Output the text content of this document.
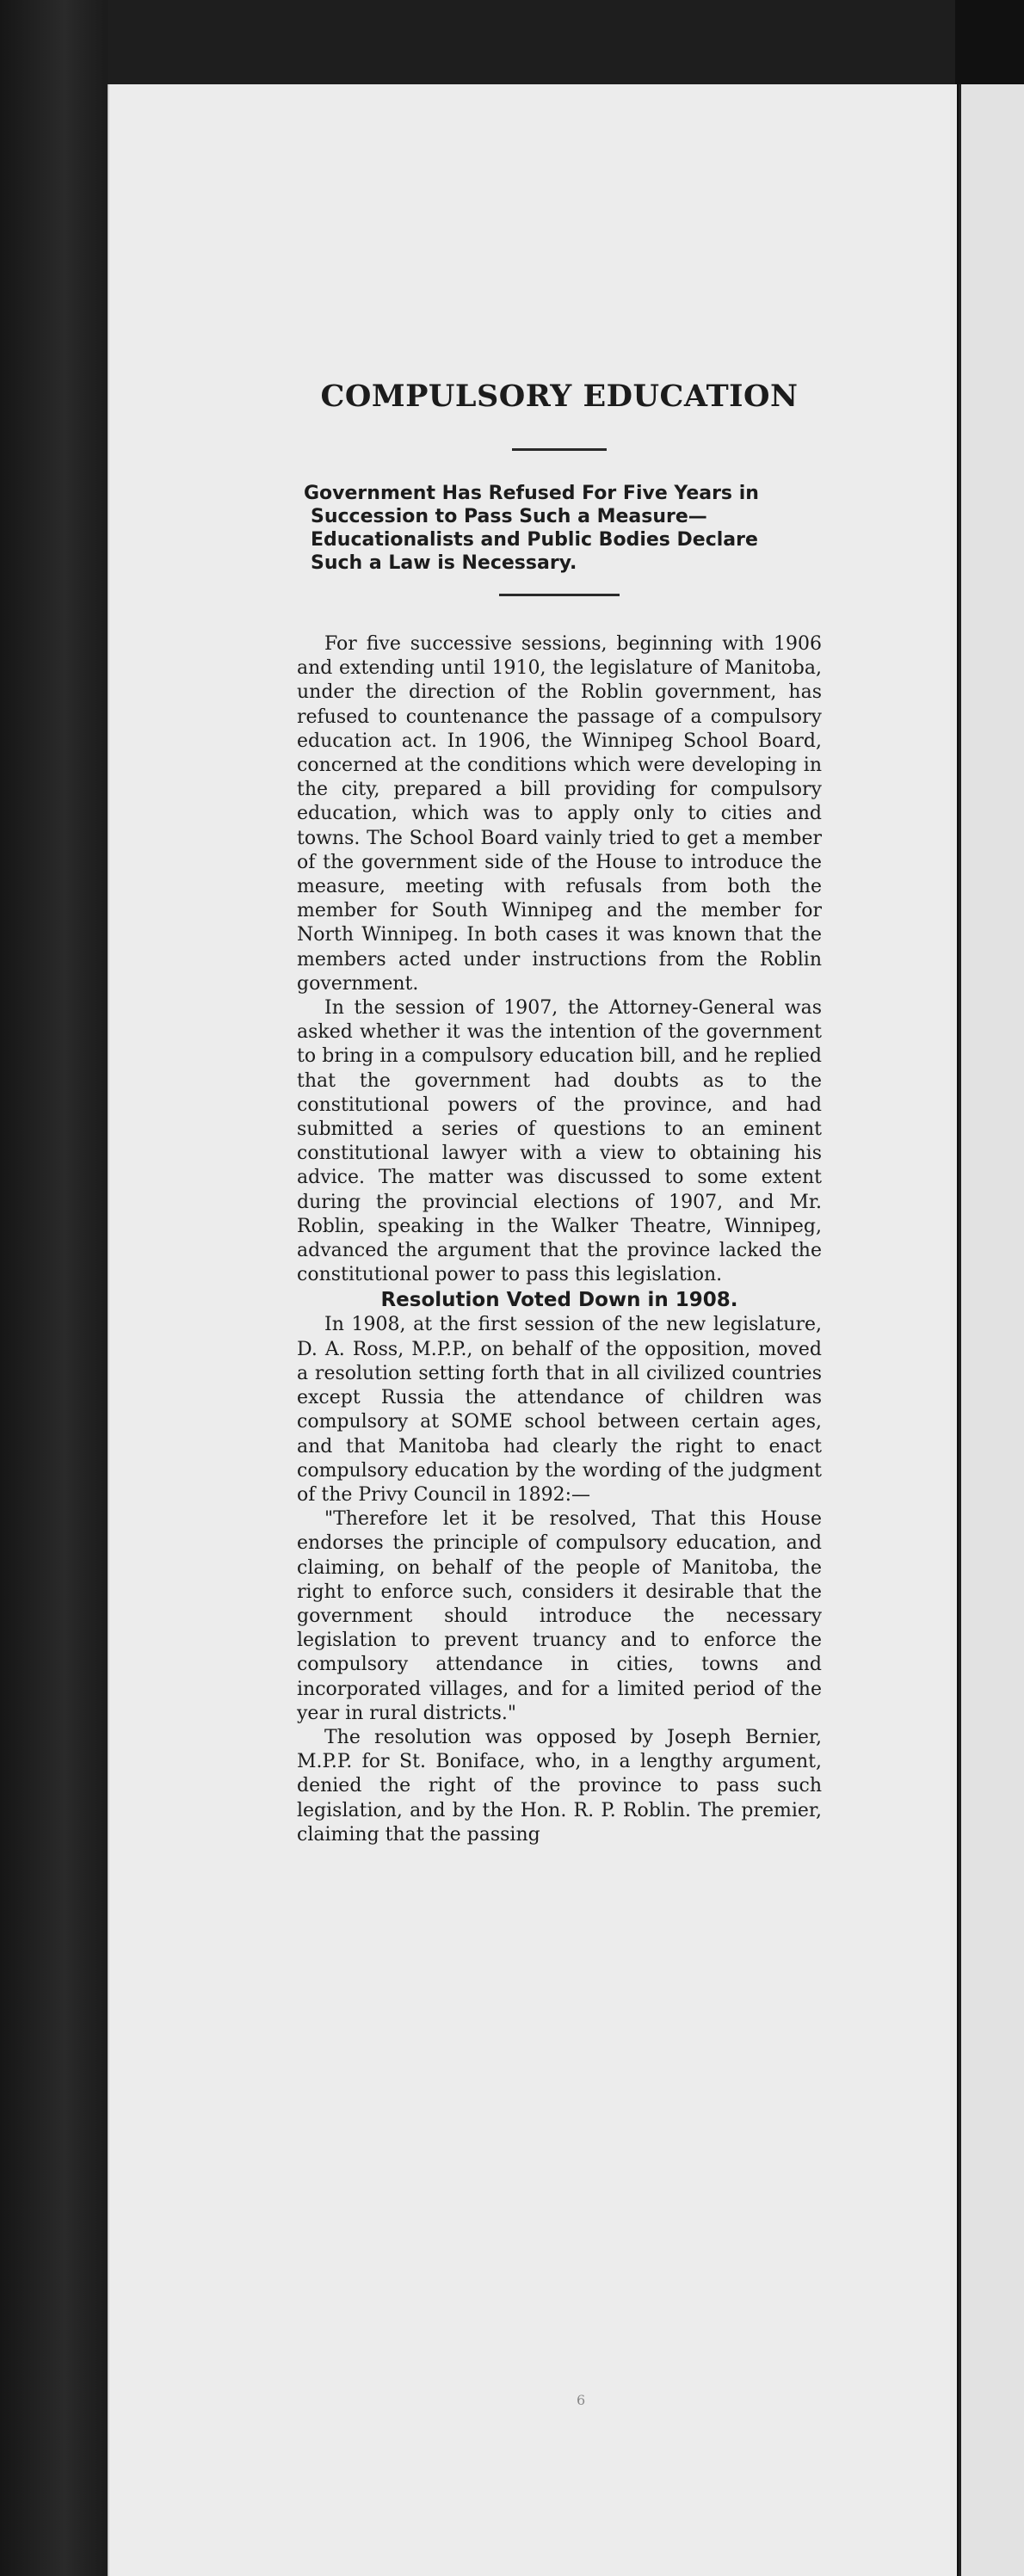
COMPULSORY EDUCATION
Government Has Refused For Five Years in Succession to Pass Such a Measure—Educationalists and Public Bodies Declare Such a Law is Necessary.

For five successive sessions, beginning with 1906 and extending until 1910, the legislature of Manitoba, under the direction of the Roblin government, has refused to countenance the passage of a compulsory education act. In 1906, the Winnipeg School Board, concerned at the conditions which were developing in the city, prepared a bill providing for compulsory education, which was to apply only to cities and towns. The School Board vainly tried to get a member of the government side of the House to introduce the measure, meeting with refusals from both the member for South Winnipeg and the member for North Winnipeg. In both cases it was known that the members acted under instructions from the Roblin government.

In the session of 1907, the Attorney-General was asked whether it was the intention of the government to bring in a compulsory education bill, and he replied that the government had doubts as to the constitutional powers of the province, and had submitted a series of questions to an eminent constitutional lawyer with a view to obtaining his advice. The matter was discussed to some extent during the provincial elections of 1907, and Mr. Roblin, speaking in the Walker Theatre, Winnipeg, advanced the argument that the province lacked the constitutional power to pass this legislation.

Resolution Voted Down in 1908.

In 1908, at the first session of the new legislature, D. A. Ross, M.P.P., on behalf of the opposition, moved a resolution setting forth that in all civilized countries except Russia the attendance of children was compulsory at SOME school between certain ages, and that Manitoba had clearly the right to enact compulsory education by the wording of the judgment of the Privy Council in 1892:—

"Therefore let it be resolved, That this House endorses the principle of compulsory education, and claiming, on behalf of the people of Manitoba, the right to enforce such, considers it desirable that the government should introduce the necessary legislation to prevent truancy and to enforce the compulsory attendance in cities, towns and incorporated villages, and for a limited period of the year in rural districts."

The resolution was opposed by Joseph Bernier, M.P.P. for St. Boniface, who, in a lengthy argument, denied the right of the province to pass such legislation, and by the Hon. R. P. Roblin. The premier, claiming that the passing

6
